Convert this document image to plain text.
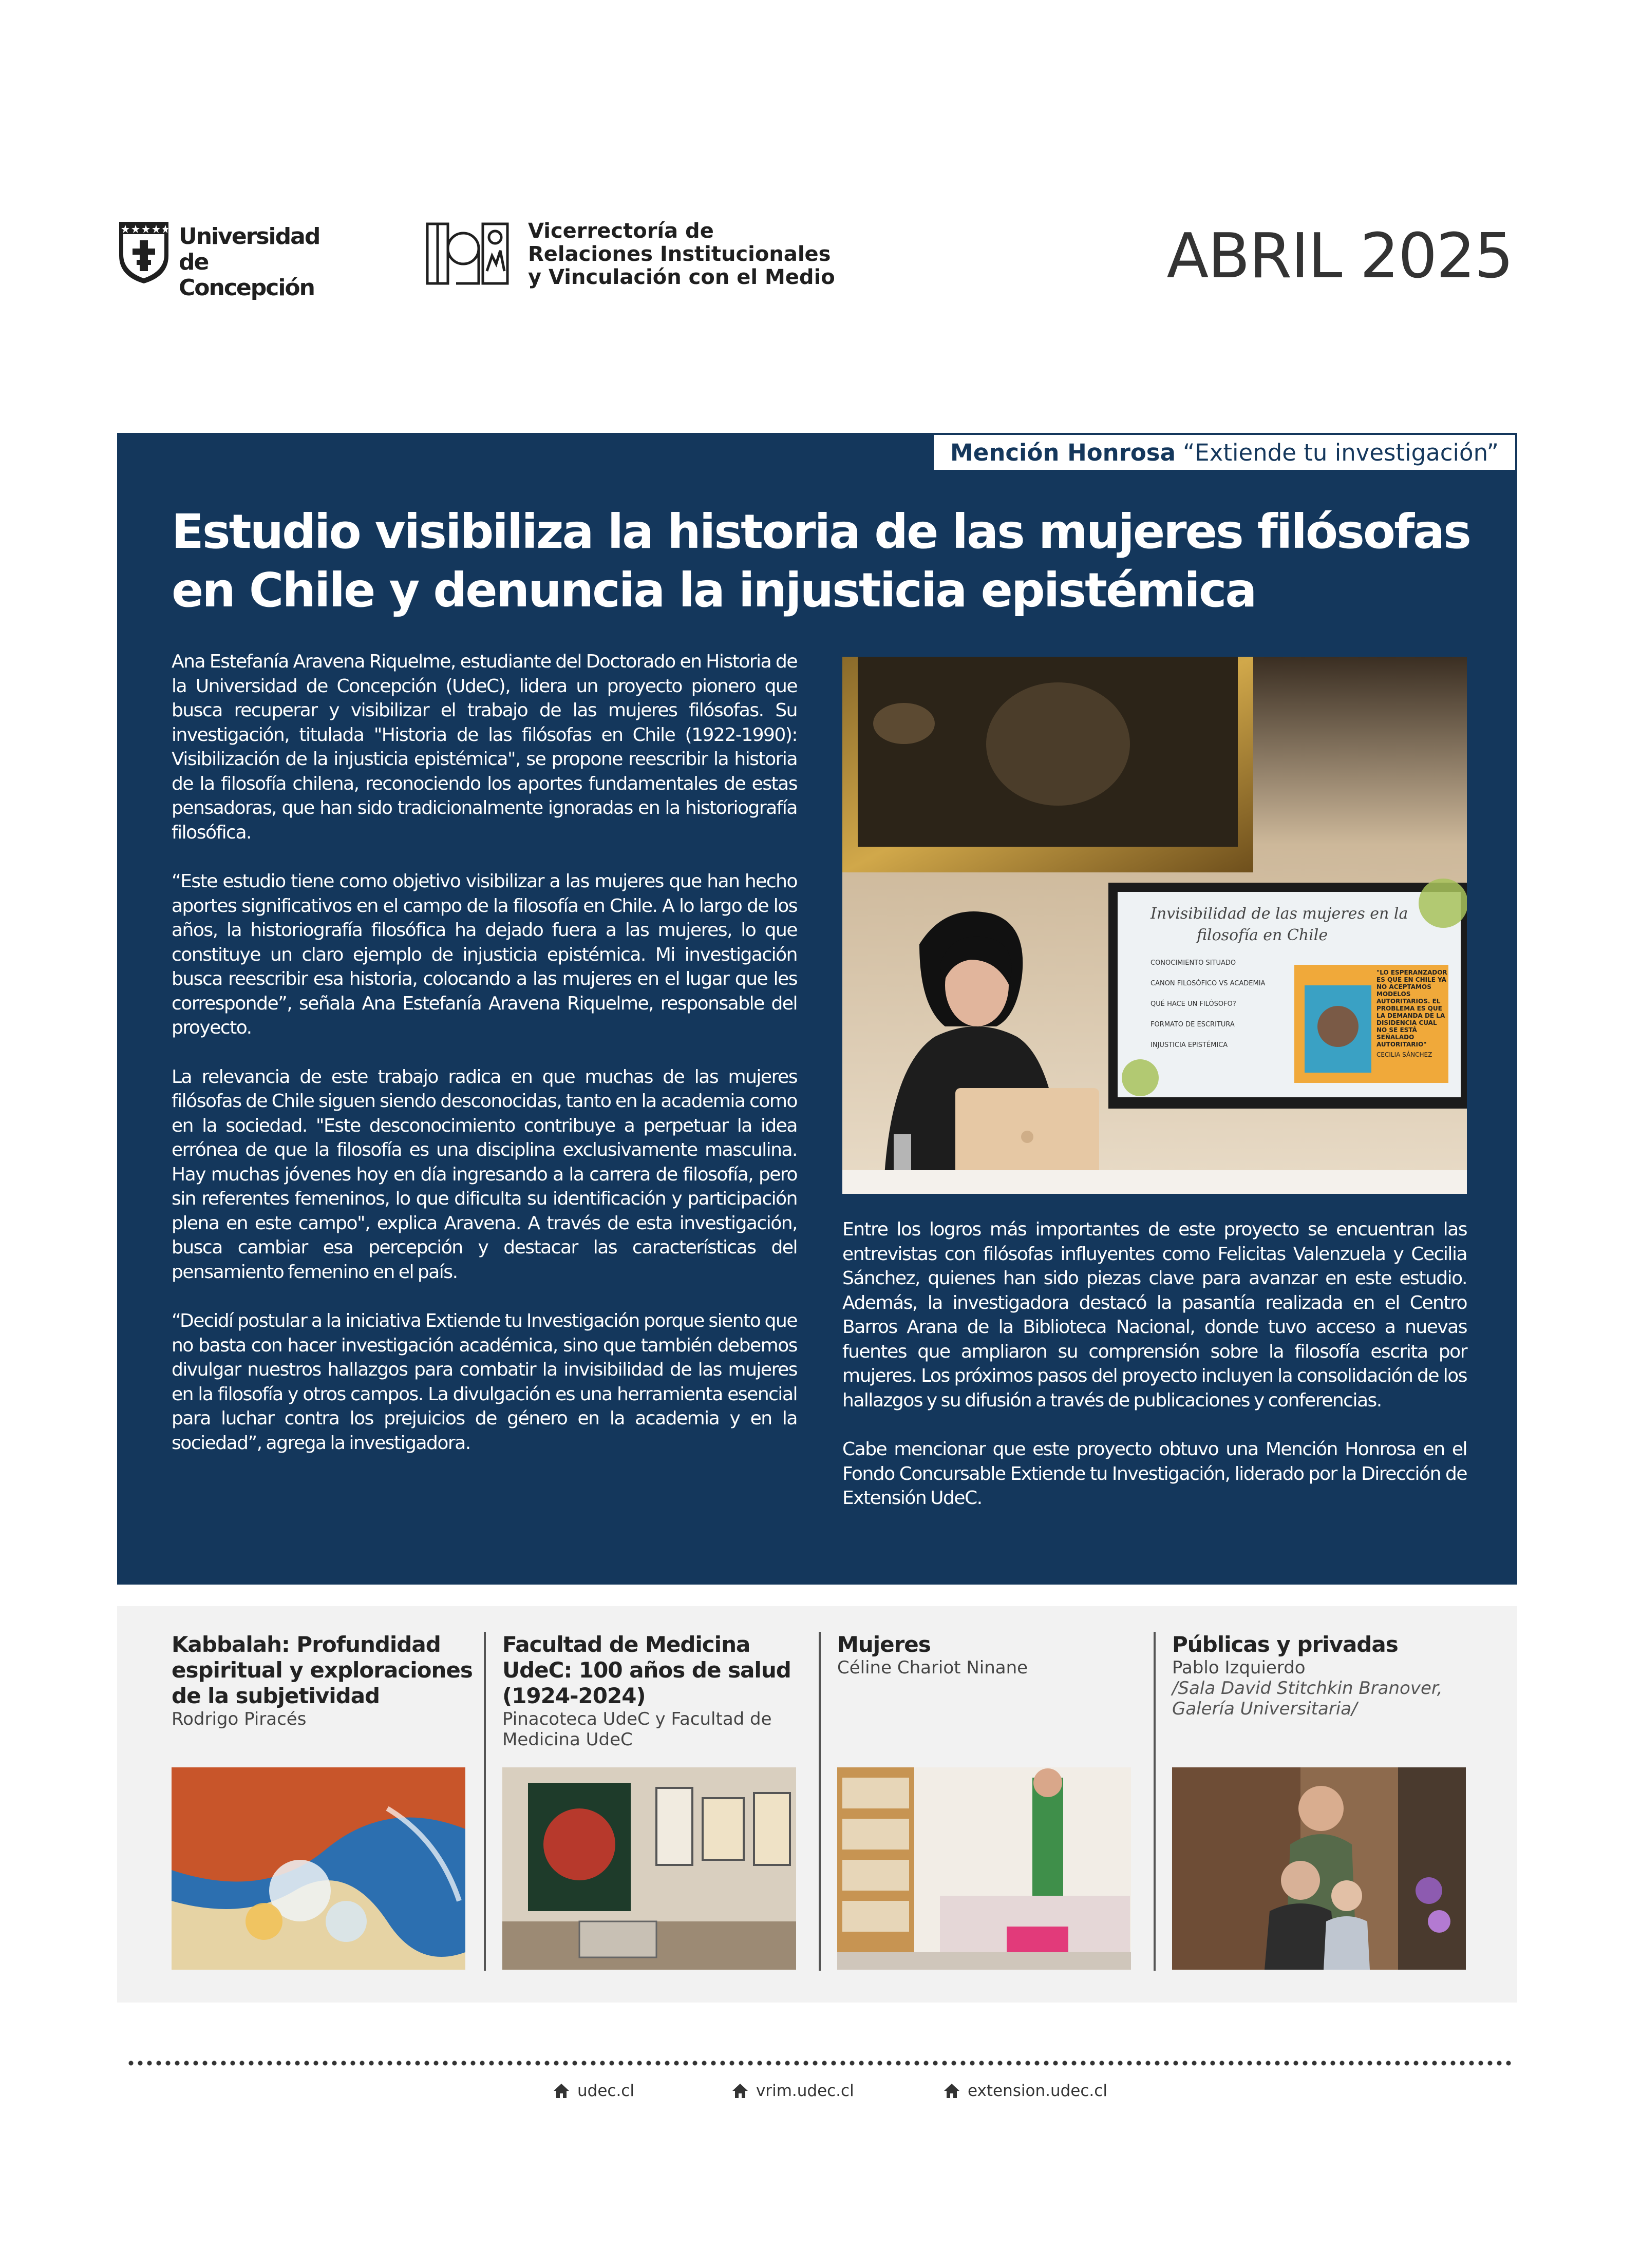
Universidad
de Concepción
Vicerrectoría de
Relaciones Institucionales
y Vinculación con el Medio	ABRIL 2025
Mención Honrosa “Extiende tu investigación”
Estudio visibiliza la historia de las mujeres filósofas en Chile y denuncia la injusticia epistémica

Ana Estefanía Aravena Riquelme, estudiante del Doctorado en Historia de la Universidad de Concepción (UdeC), lidera un proyecto pionero que busca recuperar y visibilizar el trabajo de las mujeres filósofas. Su investigación, titulada "Historia de las filósofas en Chile (1922-1990): Visibilización de la injusticia epistémica", se propone reescribir la historia de la filosofía chilena, reconociendo los aportes fundamentales de estas pensadoras, que han sido tradicionalmente ignoradas en la historiografía filosófica.

“Este estudio tiene como objetivo visibilizar a las mujeres que han hecho aportes significativos en el campo de la filosofía en Chile. A lo largo de los años, la historiografía filosófica ha dejado fuera a las mujeres, lo que constituye un claro ejemplo de injusticia epistémica. Mi investigación busca reescribir esa historia, colocando a las mujeres en el lugar que les corresponde”, señala Ana Estefanía Aravena Riquelme, responsable del proyecto.

La relevancia de este trabajo radica en que muchas de las mujeres filósofas de Chile siguen siendo desconocidas, tanto en la academia como en la sociedad. "Este desconocimiento contribuye a perpetuar la idea errónea de que la filosofía es una disciplina exclusivamente masculina. Hay muchas jóvenes hoy en día ingresando a la carrera de filosofía, pero sin referentes femeninos, lo que dificulta su identificación y participación plena en este campo", explica Aravena. A través de esta investigación, busca cambiar esa percepción y destacar las características del pensamiento femenino en el país.

“Decidí postular a la iniciativa Extiende tu Investigación porque siento que no basta con hacer investigación académica, sino que también debemos divulgar nuestros hallazgos para combatir la invisibilidad de las mujeres en la filosofía y otros campos. La divulgación es una herramienta esencial para luchar contra los prejuicios de género en la academia y en la sociedad”, agrega la investigadora.

Invisibilidad de las mujeres en la
filosofía en Chile
CONOCIMIENTO SITUADO
CANON FILOSÓFICO VS ACADEMIA
QUÉ HACE UN FILÓSOFO?
FORMATO DE ESCRITURA
INJUSTICIA EPISTÉMICA
"LO ESPERANZADOR ES QUE EN CHILE YA NO ACEPTAMOS MODELOS AUTORITARIOS. EL PROBLEMA ES QUE LA DEMANDA DE LA DISIDENCIA CUAL NO SE ESTÁ SEÑALADO AUTORITARIO"
CECILIA SÁNCHEZ

Entre los logros más importantes de este proyecto se encuentran las entrevistas con filósofas influyentes como Felicitas Valenzuela y Cecilia Sánchez, quienes han sido piezas clave para avanzar en este estudio. Además, la investigadora destacó la pasantía realizada en el Centro Barros Arana de la Biblioteca Nacional, donde tuvo acceso a nuevas fuentes que ampliaron su comprensión sobre la filosofía escrita por mujeres. Los próximos pasos del proyecto incluyen la consolidación de los hallazgos y su difusión a través de publicaciones y conferencias.

Cabe mencionar que este proyecto obtuvo una Mención Honrosa en el Fondo Concursable Extiende tu Investigación, liderado por la Dirección de Extensión UdeC.

Kabbalah: Profundidad espiritual y exploraciones de la subjetividad

Rodrigo Piracés

Facultad de Medicina UdeC: 100 años de salud (1924-2024)

Pinacoteca UdeC y Facultad de Medicina UdeC

Mujeres

Céline Chariot Ninane

Públicas y privadas

Pablo Izquierdo

/Sala David Stitchkin Branover, Galería Universitaria/

udec.cl	vrim.udec.cl	extension.udec.cl
